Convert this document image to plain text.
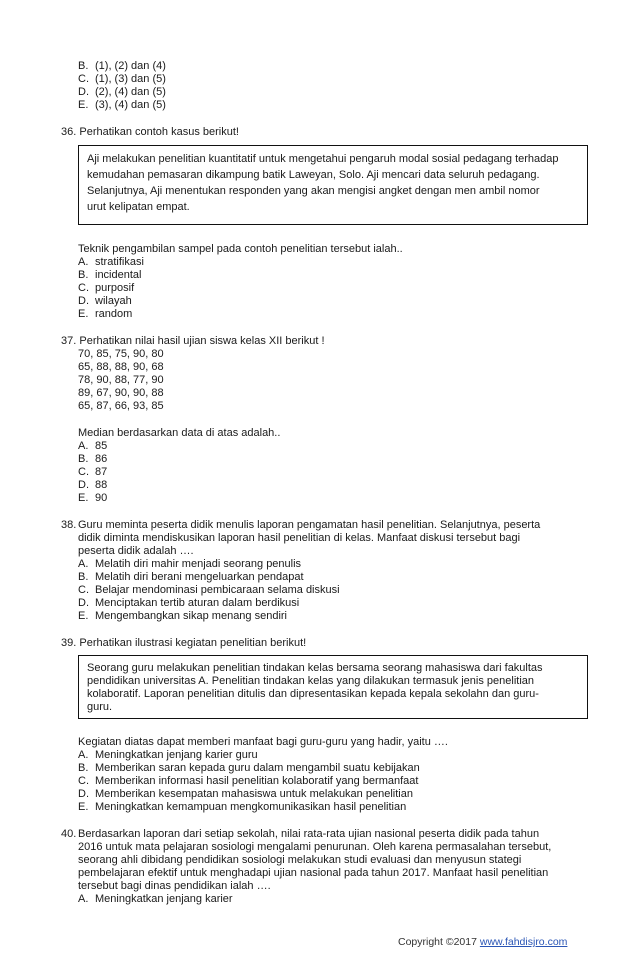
B. (1), (2) dan (4)
C. (1), (3) dan (5)
D. (2), (4) dan (5)
E. (3), (4) dan (5)
36. Perhatikan contoh kasus berikut!

Aji melakukan penelitian kuantitatif untuk mengetahui pengaruh modal sosial pedagang terhadap

kemudahan pemasaran dikampung batik Laweyan, Solo. Aji mencari data seluruh pedagang.

Selanjutnya, Aji menentukan responden yang akan mengisi angket dengan men ambil nomor

urut kelipatan empat.

Teknik pengambilan sampel pada contoh penelitian tersebut ialah..
A. stratifikasi
B. incidental
C. purposif
D. wilayah
E. random
37. Perhatikan nilai hasil ujian siswa kelas XII berikut !
70, 85, 75, 90, 80
65, 88, 88, 90, 68
78, 90, 88, 77, 90
89, 67, 90, 90, 88
65, 87, 66, 93, 85
Median berdasarkan data di atas adalah..
A. 85
B. 86
C. 87
D. 88
E. 90
38. Guru meminta peserta didik menulis laporan pengamatan hasil penelitian. Selanjutnya, peserta
didik diminta mendiskusikan laporan hasil penelitian di kelas. Manfaat diskusi tersebut bagi
peserta didik adalah ….
A. Melatih diri mahir menjadi seorang penulis
B. Melatih diri berani mengeluarkan pendapat
C. Belajar mendominasi pembicaraan selama diskusi
D. Menciptakan tertib aturan dalam berdikusi
E. Mengembangkan sikap menang sendiri
39. Perhatikan ilustrasi kegiatan penelitian berikut!

Seorang guru melakukan penelitian tindakan kelas bersama seorang mahasiswa dari fakultas

pendidikan universitas A. Penelitian tindakan kelas yang dilakukan termasuk jenis penelitian

kolaboratif. Laporan penelitian ditulis dan dipresentasikan kepada kepala sekolahn dan guru-

guru.

Kegiatan diatas dapat memberi manfaat bagi guru-guru yang hadir, yaitu ….
A. Meningkatkan jenjang karier guru
B. Memberikan saran kepada guru dalam mengambil suatu kebijakan
C. Memberikan informasi hasil penelitian kolaboratif yang bermanfaat
D. Memberikan kesempatan mahasiswa untuk melakukan penelitian
E. Meningkatkan kemampuan mengkomunikasikan hasil penelitian
40. Berdasarkan laporan dari setiap sekolah, nilai rata-rata ujian nasional peserta didik pada tahun
2016 untuk mata pelajaran sosiologi mengalami penurunan. Oleh karena permasalahan tersebut,
seorang ahli dibidang pendidikan sosiologi melakukan studi evaluasi dan menyusun stategi
pembelajaran efektif untuk menghadapi ujian nasional pada tahun 2017. Manfaat hasil penelitian
tersebut bagi dinas pendidikan ialah ….
A. Meningkatkan jenjang karier
Copyright ©2017 www.fahdisjro.com
